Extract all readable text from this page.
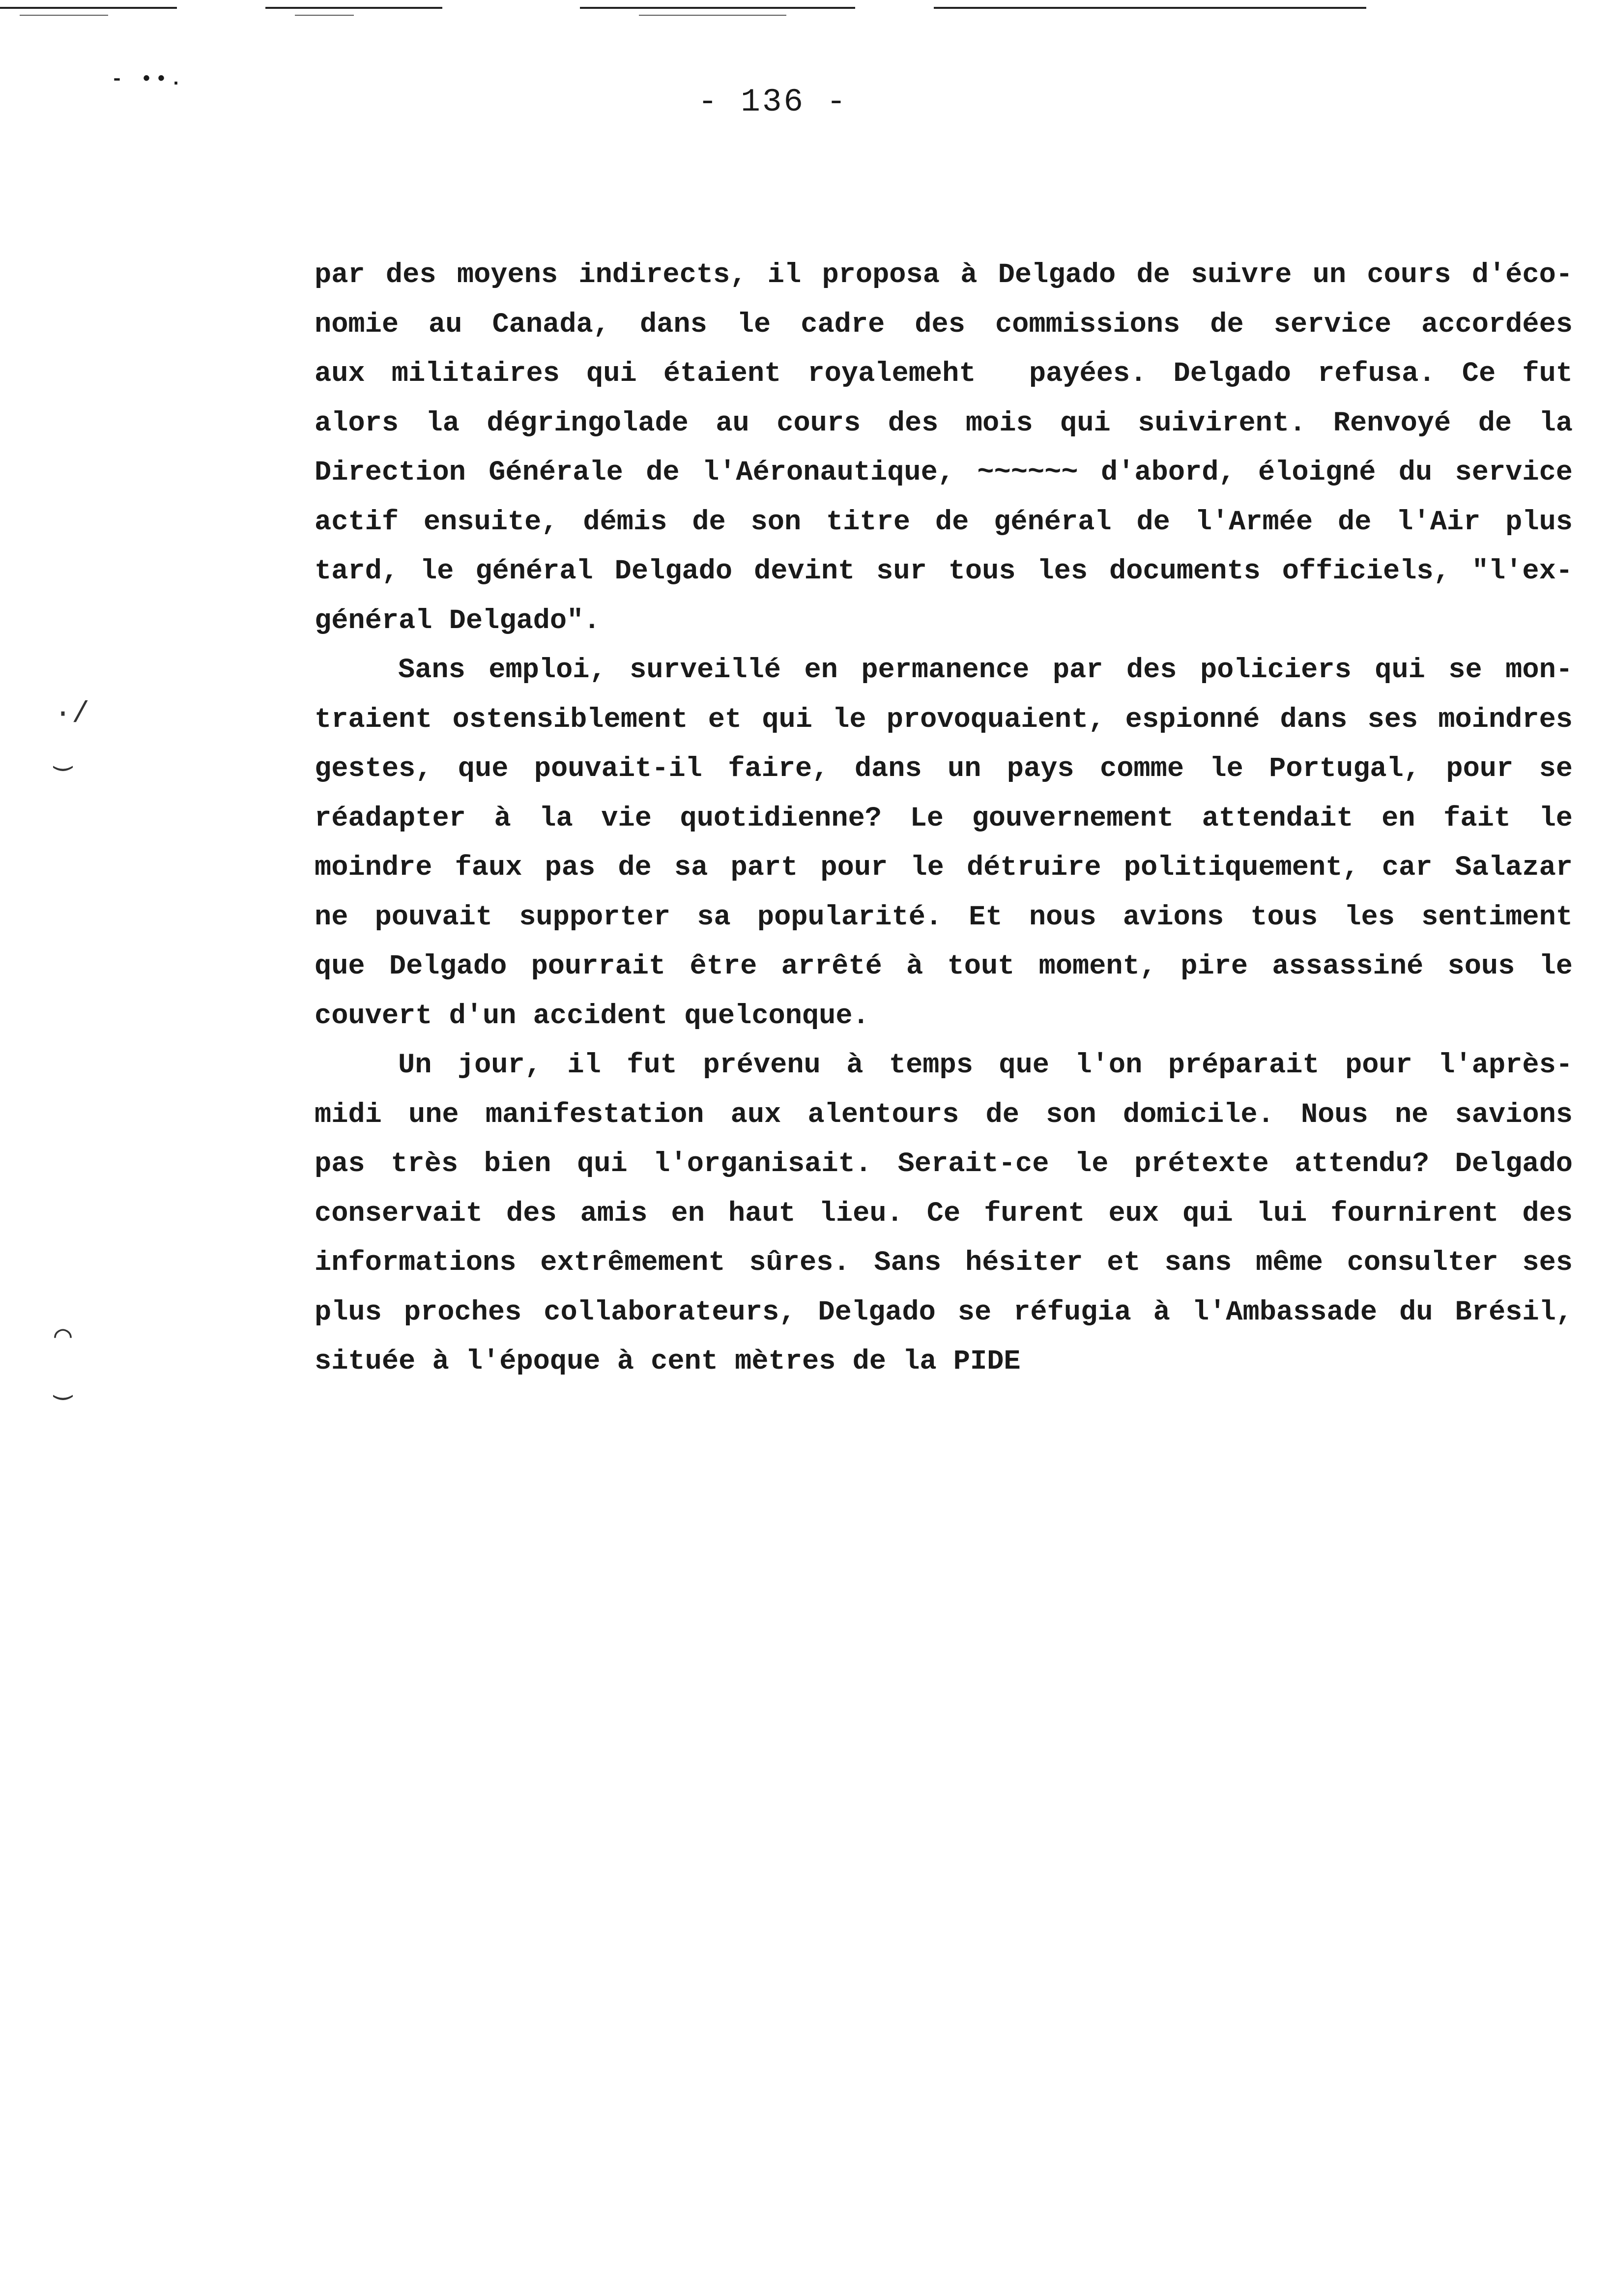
- ••.
- 136 -
·/
‿
⌒
‿
par des moyens indirects, il proposa à Delgado de suivre un cours d'éco-
nomie au Canada, dans le cadre des commissions de service accordées
aux militaires qui étaient royalemeht  payées. Delgado refusa. Ce fut
alors la dégringolade au cours des mois qui suivirent. Renvoyé de la
Direction Générale de l'Aéronautique, ~~~~~~ d'abord, éloigné du service
actif ensuite, démis de son titre de général de l'Armée de l'Air plus
tard, le général Delgado devint sur tous les documents officiels, "l'ex-
général Delgado".
Sans emploi, surveillé en permanence par des policiers qui se mon-
traient ostensiblement et qui le provoquaient, espionné dans ses moindres
gestes, que pouvait-il faire, dans un pays comme le Portugal, pour se
réadapter à la vie quotidienne? Le gouvernement attendait en fait le
moindre faux pas de sa part pour le détruire politiquement, car Salazar
ne pouvait supporter sa popularité. Et nous avions tous les sentiment
que Delgado pourrait être arrêté à tout moment, pire assassiné sous le
couvert d'un accident quelconque.
Un jour, il fut prévenu à temps que l'on préparait pour l'après-
midi une manifestation aux alentours de son domicile. Nous ne savions
pas très bien qui l'organisait. Serait-ce le prétexte attendu? Delgado
conservait des amis en haut lieu. Ce furent eux qui lui fournirent des
informations extrêmement sûres. Sans hésiter et sans même consulter ses
plus proches collaborateurs, Delgado se réfugia à l'Ambassade du Brésil,
située à l'époque à cent mètres de la PIDE
